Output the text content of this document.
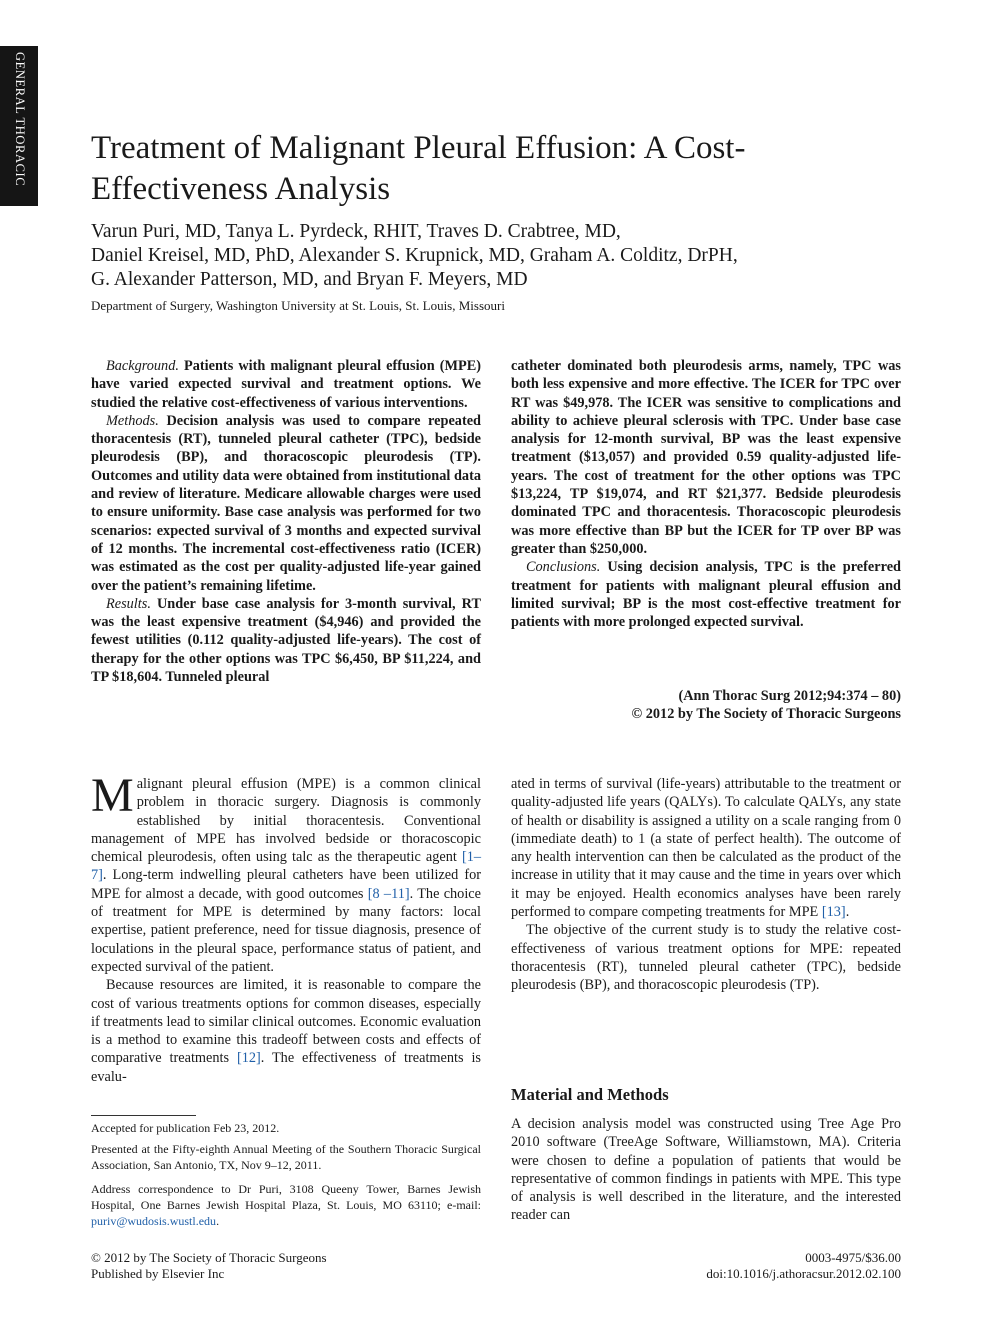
GENERAL THORACIC Treatment of Malignant Pleural Effusion: A Cost-Effectiveness Analysis
Varun Puri, MD, Tanya L. Pyrdeck, RHIT, Traves D. Crabtree, MD,
Daniel Kreisel, MD, PhD, Alexander S. Krupnick, MD, Graham A. Colditz, DrPH,
G. Alexander Patterson, MD, and Bryan F. Meyers, MD
Department of Surgery, Washington University at St. Louis, St. Louis, Missouri

Background. Patients with malignant pleural effusion (MPE) have varied expected survival and treatment options. We studied the relative cost-effectiveness of various interventions.

Methods. Decision analysis was used to compare repeated thoracentesis (RT), tunneled pleural catheter (TPC), bedside pleurodesis (BP), and thoracoscopic pleurodesis (TP). Outcomes and utility data were obtained from institutional data and review of literature. Medicare allowable charges were used to ensure uniformity. Base case analysis was performed for two scenarios: expected survival of 3 months and expected survival of 12 months. The incremental cost-effectiveness ratio (ICER) was estimated as the cost per quality-adjusted life-year gained over the patient’s remaining lifetime.

Results. Under base case analysis for 3-month survival, RT was the least expensive treatment ($4,946) and provided the fewest utilities (0.112 quality-adjusted life-years). The cost of therapy for the other options was TPC $6,450, BP $11,224, and TP $18,604. Tunneled pleural

catheter dominated both pleurodesis arms, namely, TPC was both less expensive and more effective. The ICER for TPC over RT was $49,978. The ICER was sensitive to complications and ability to achieve pleural sclerosis with TPC. Under base case analysis for 12-month survival, BP was the least expensive treatment ($13,057) and provided 0.59 quality-adjusted life-years. The cost of treatment for the other options was TPC $13,224, TP $19,074, and RT $21,377. Bedside pleurodesis dominated TPC and thoracentesis. Thoracoscopic pleurodesis was more effective than BP but the ICER for TP over BP was greater than $250,000.

Conclusions. Using decision analysis, TPC is the preferred treatment for patients with malignant pleural effusion and limited survival; BP is the most cost-effective treatment for patients with more prolonged expected survival.

(Ann Thorac Surg 2012;94:374 – 80)
© 2012 by The Society of Thoracic Surgeons

Malignant pleural effusion (MPE) is a common clinical problem in thoracic surgery. Diagnosis is commonly established by initial thoracentesis. Conventional management of MPE has involved bedside or thoracoscopic chemical pleurodesis, often using talc as the therapeutic agent [1–7]. Long-term indwelling pleural catheters have been utilized for MPE for almost a decade, with good outcomes [8 –11]. The choice of treatment for MPE is determined by many factors: local expertise, patient preference, need for tissue diagnosis, presence of loculations in the pleural space, performance status of patient, and expected survival of the patient.

Because resources are limited, it is reasonable to compare the cost of various treatments options for common diseases, especially if treatments lead to similar clinical outcomes. Economic evaluation is a method to examine this tradeoff between costs and effects of comparative treatments [12]. The effectiveness of treatments is evalu-

ated in terms of survival (life-years) attributable to the treatment or quality-adjusted life years (QALYs). To calculate QALYs, any state of health or disability is assigned a utility on a scale ranging from 0 (immediate death) to 1 (a state of perfect health). The outcome of any health intervention can then be calculated as the product of the increase in utility that it may cause and the time in years over which it may be enjoyed. Health economics analyses have been rarely performed to compare competing treatments for MPE [13].

The objective of the current study is to study the relative cost-effectiveness of various treatment options for MPE: repeated thoracentesis (RT), tunneled pleural catheter (TPC), bedside pleurodesis (BP), and thoracoscopic pleurodesis (TP).

Material and Methods

A decision analysis model was constructed using Tree Age Pro 2010 software (TreeAge Software, Williamstown, MA). Criteria were chosen to define a population of patients that would be representative of common findings in patients with MPE. This type of analysis is well described in the literature, and the interested reader can

Accepted for publication Feb 23, 2012.
Presented at the Fifty-eighth Annual Meeting of the Southern Thoracic Surgical Association, San Antonio, TX, Nov 9–12, 2011.
Address correspondence to Dr Puri, 3108 Queeny Tower, Barnes Jewish Hospital, One Barnes Jewish Hospital Plaza, St. Louis, MO 63110; e-mail: puriv@wudosis.wustl.edu.
© 2012 by The Society of Thoracic Surgeons
Published by Elsevier Inc
0003-4975/$36.00
doi:10.1016/j.athoracsur.2012.02.100
